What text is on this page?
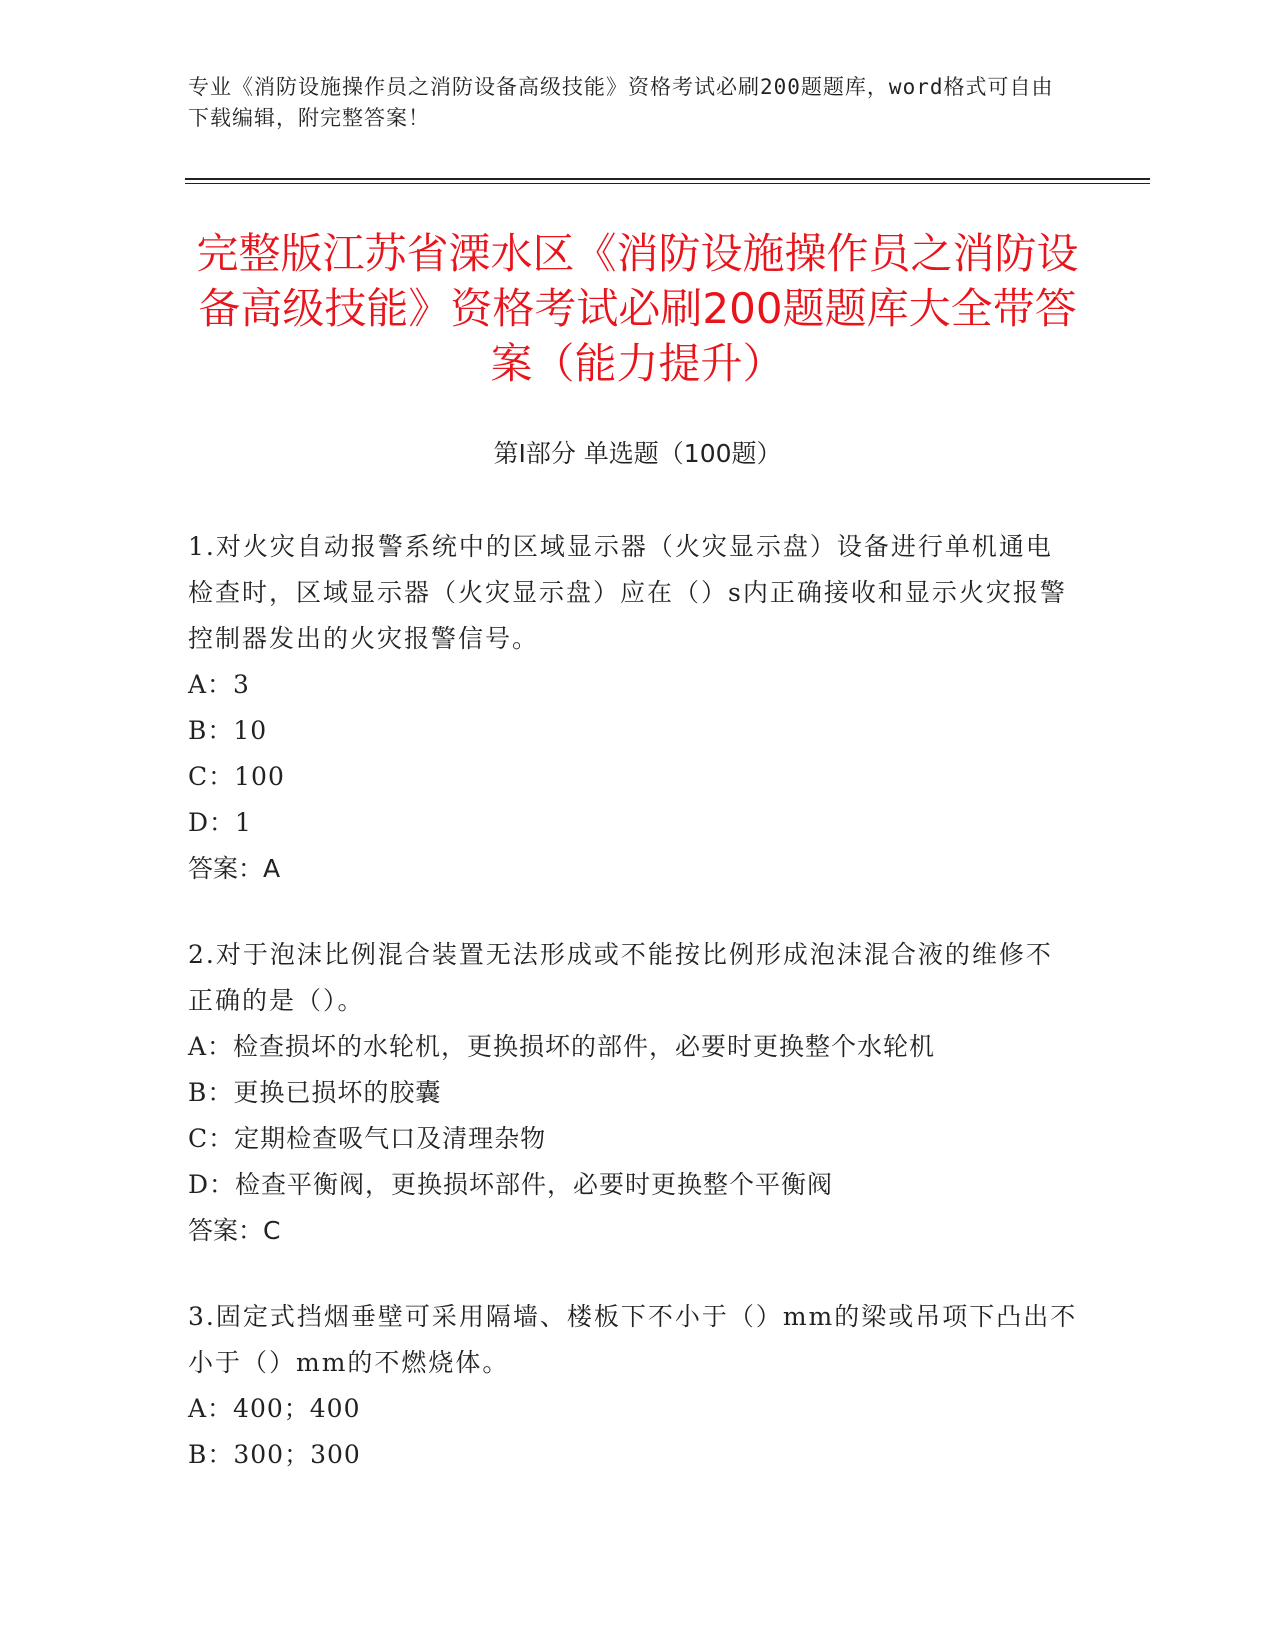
专业《消防设施操作员之消防设备高级技能》资格考试必刷200题题库，word格式可自由下载编辑，附完整答案！
完整版江苏省溧水区《消防设施操作员之消防设备高级技能》资格考试必刷200题题库大全带答案（能力提升）
第Ⅰ部分 单选题（100题）

1.对火灾自动报警系统中的区域显示器（火灾显示盘）设备进行单机通电检查时，区域显示器（火灾显示盘）应在（）s内正确接收和显示火灾报警控制器发出的火灾报警信号。

A：3

B：10

C：100

D：1

答案：A

2.对于泡沫比例混合装置无法形成或不能按比例形成泡沫混合液的维修不正确的是（）。

A：检查损坏的水轮机，更换损坏的部件，必要时更换整个水轮机

B：更换已损坏的胶囊

C：定期检查吸气口及清理杂物

D：检查平衡阀，更换损坏部件，必要时更换整个平衡阀

答案：C

3.固定式挡烟垂壁可采用隔墙、楼板下不小于（）mm的梁或吊项下凸出不小于（）mm的不燃烧体。

A：400；400

B：300；300
